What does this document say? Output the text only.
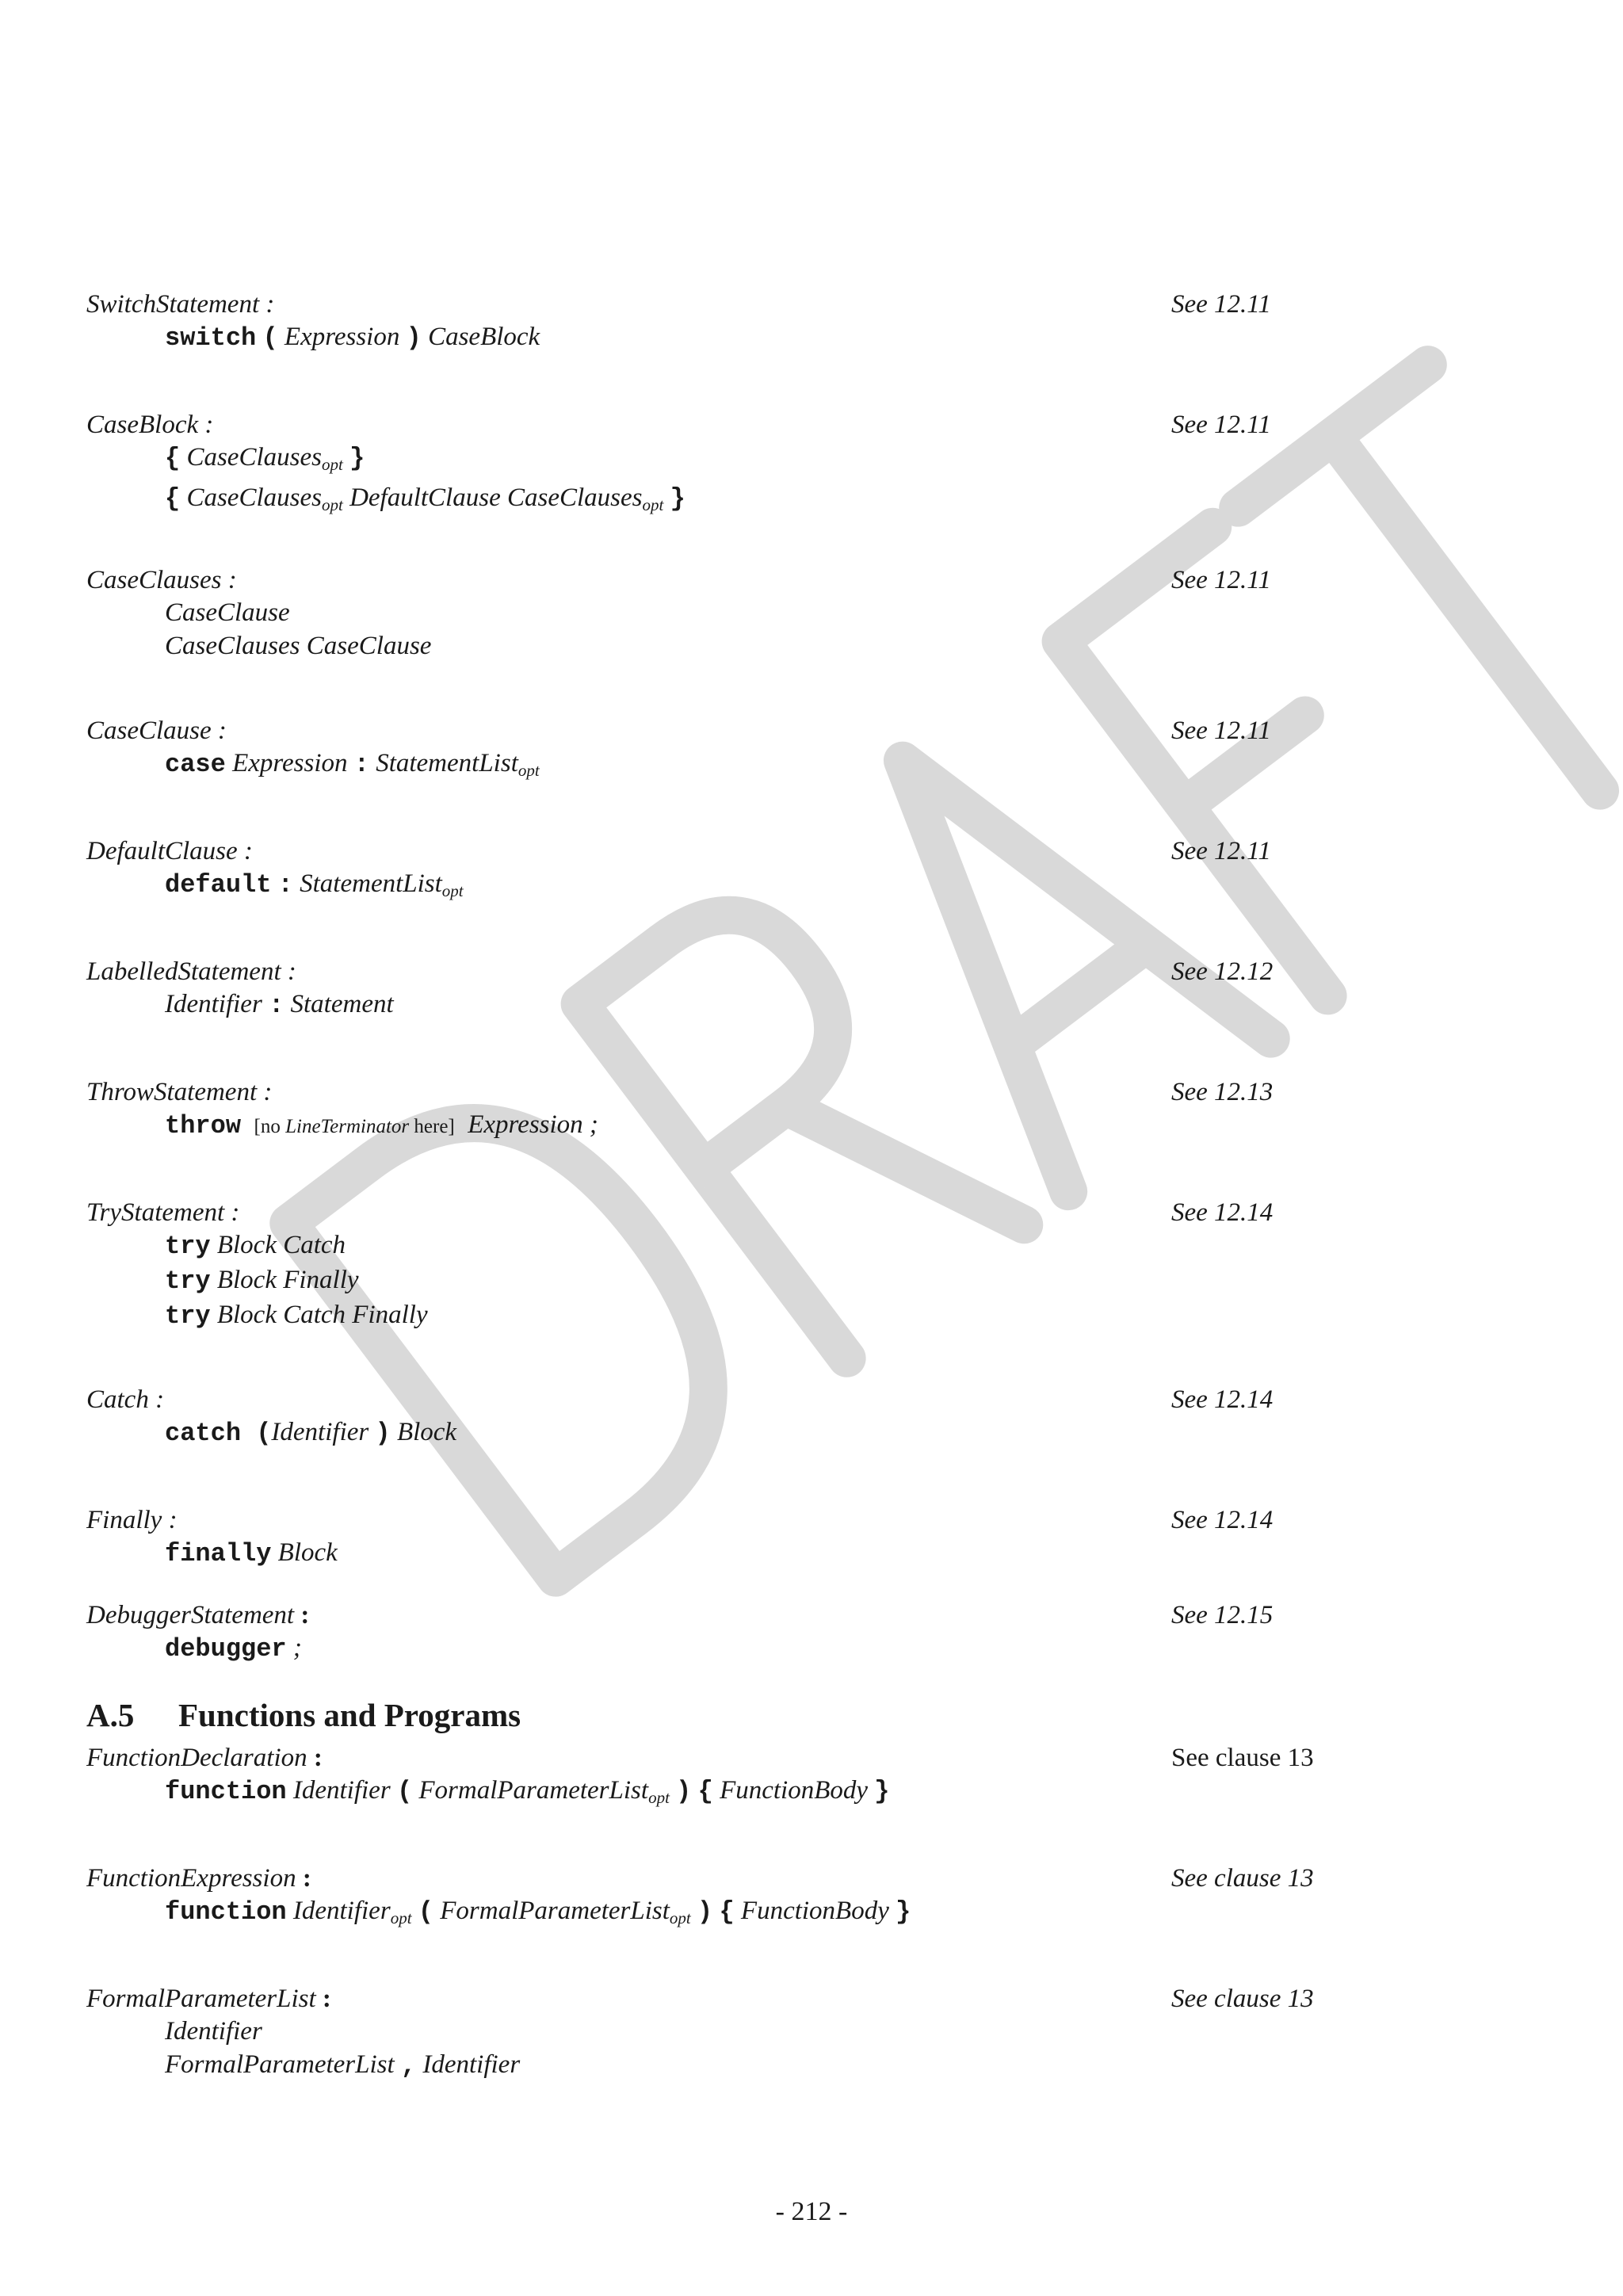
SwitchStatement :	See 12.11
switch ( Expression ) CaseBlock
CaseBlock :	See 12.11
{ CaseClauses$_{opt}$ }
{ CaseClauses$_{opt}$ DefaultClause CaseClauses$_{opt}$ }
CaseClauses :	See 12.11
CaseClause
CaseClauses CaseClause
CaseClause :	See 12.11
case Expression : StatementList$_{opt}$
DefaultClause :	See 12.11
default : StatementList$_{opt}$
LabelledStatement :	See 12.12
Identifier : Statement
ThrowStatement :	See 12.13
throw [no LineTerminator here] Expression ;
TryStatement :	See 12.14
try Block Catch
try Block Finally
try Block Catch Finally
Catch :	See 12.14
catch (Identifier ) Block
Finally :	See 12.14
finally Block
DebuggerStatement :	See 12.15
debugger ;
A.5 Functions and Programs
FunctionDeclaration :	See clause 13
function Identifier ( FormalParameterList$_{opt}$ ) { FunctionBody }
FunctionExpression :	See clause 13
function Identifier$_{opt}$ ( FormalParameterList$_{opt}$ ) { FunctionBody }
FormalParameterList :	See clause 13
Identifier
FormalParameterList , Identifier
- 212 -
